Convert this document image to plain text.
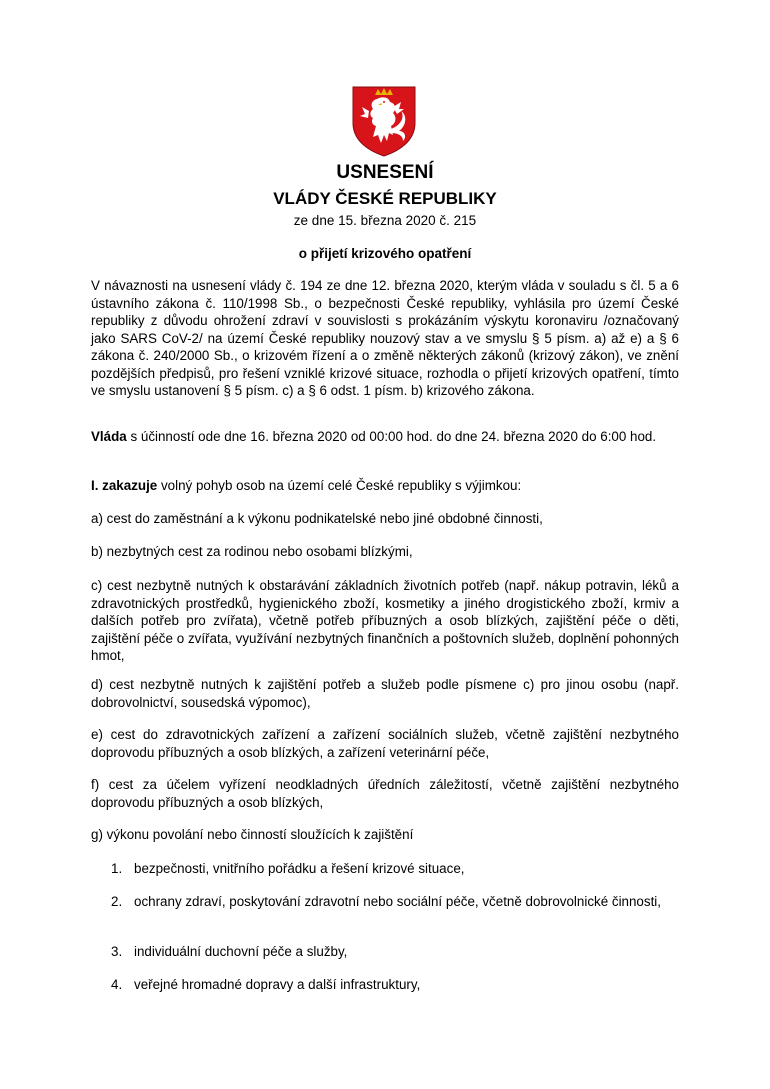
USNESENÍ
VLÁDY ČESKÉ REPUBLIKY
ze dne 15. března 2020 č. 215
o přijetí krizového opatření

V návaznosti na usnesení vlády č. 194 ze dne 12. března 2020, kterým vláda v souladu s čl. 5 a 6 ústavního zákona č. 110/1998 Sb., o bezpečnosti České republiky, vyhlásila pro území České republiky z důvodu ohrožení zdraví v souvislosti s prokázáním výskytu koronaviru /označovaný jako SARS CoV-2/ na území České republiky nouzový stav a ve smyslu § 5 písm. a) až e) a § 6 zákona č. 240/2000 Sb., o krizovém řízení a o změně některých zákonů (krizový zákon), ve znění pozdějších předpisů, pro řešení vzniklé krizové situace, rozhodla o přijetí krizových opatření, tímto ve smyslu ustanovení § 5 písm. c) a § 6 odst. 1 písm. b) krizového zákona.

Vláda s účinností ode dne 16. března 2020 od 00:00 hod. do dne 24. března 2020 do 6:00 hod.

I. zakazuje volný pohyb osob na území celé České republiky s výjimkou:

a) cest do zaměstnání a k výkonu podnikatelské nebo jiné obdobné činnosti,

b) nezbytných cest za rodinou nebo osobami blízkými,

c) cest nezbytně nutných k obstarávání základních životních potřeb (např. nákup potravin, léků a zdravotnických prostředků, hygienického zboží, kosmetiky a jiného drogistického zboží, krmiv a dalších potřeb pro zvířata), včetně potřeb příbuzných a osob blízkých, zajištění péče o děti, zajištění péče o zvířata, využívání nezbytných finančních a poštovních služeb, doplnění pohonných hmot,

d) cest nezbytně nutných k zajištění potřeb a služeb podle písmene c) pro jinou osobu (např. dobrovolnictví, sousedská výpomoc),

e) cest do zdravotnických zařízení a zařízení sociálních služeb, včetně zajištění nezbytného doprovodu příbuzných a osob blízkých, a zařízení veterinární péče,

f) cest za účelem vyřízení neodkladných úředních záležitostí, včetně zajištění nezbytného doprovodu příbuzných a osob blízkých,

g) výkonu povolání nebo činností sloužících k zajištění

1. bezpečnosti, vnitřního pořádku a řešení krizové situace,
2. ochrany zdraví, poskytování zdravotní nebo sociální péče, včetně dobrovolnické činnosti,
3. individuální duchovní péče a služby,
4. veřejné hromadné dopravy a další infrastruktury,
